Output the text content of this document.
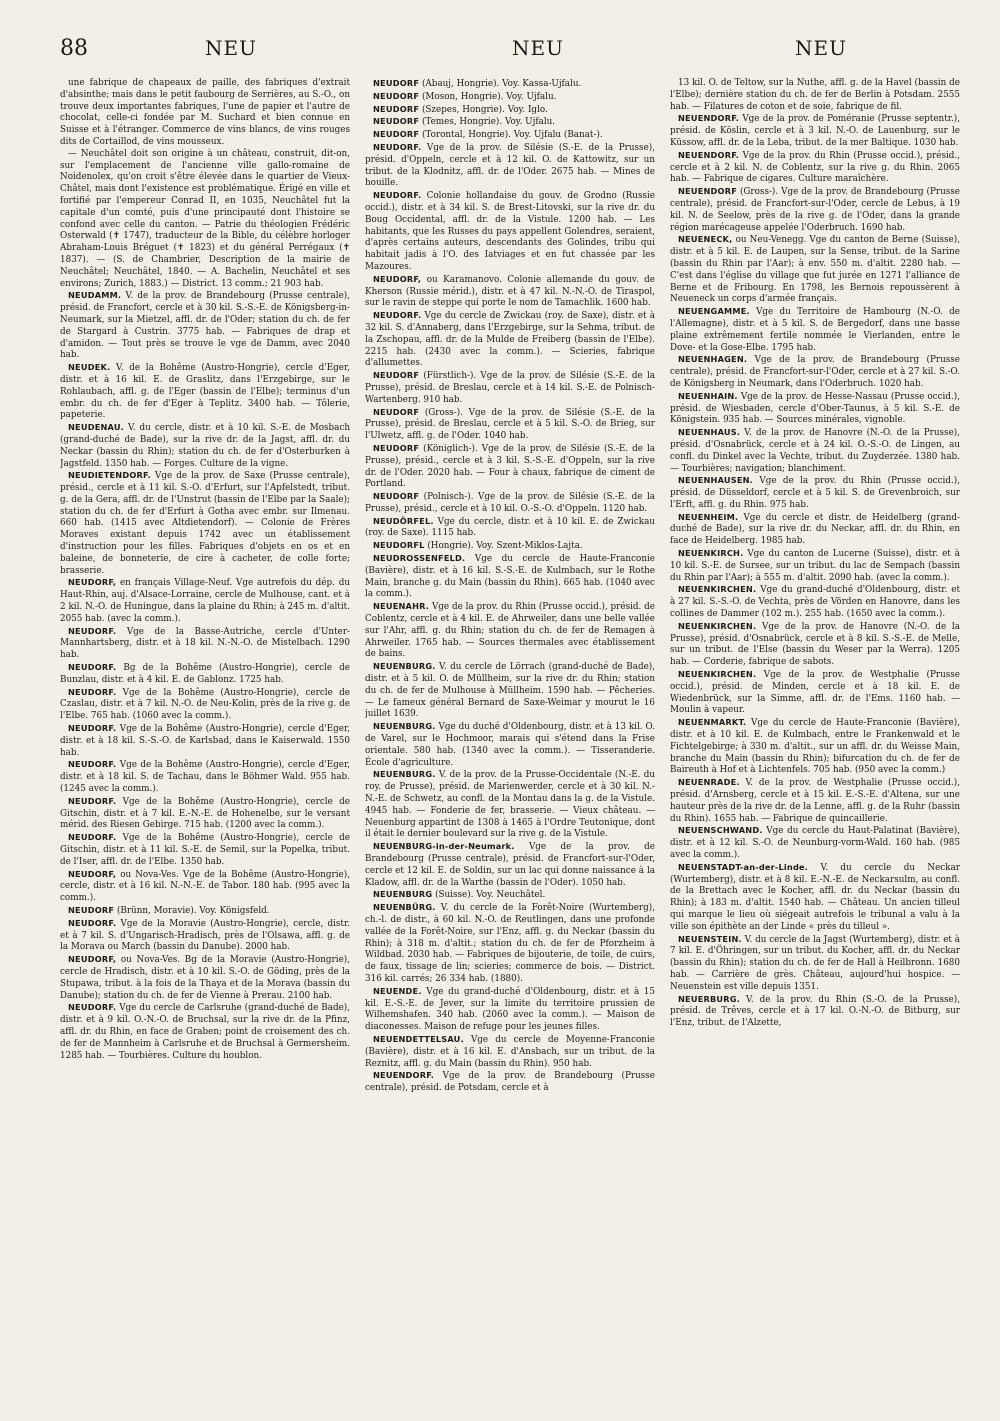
88	NEU	NEU	NEU
une fabrique de chapeaux de paille, des fabriques d'extrait d'absinthe; mais dans le petit faubourg de Serrières, au S.-O., on trouve deux importantes fabriques, l'une de papier et l'autre de chocolat, celle-ci fondée par M. Suchard et bien connue en Suisse et à l'étranger. Commerce de vins blancs, de vins rouges dits de Cortaillod, de vins mousseux.
— Neuchâtel doit son origine à un château, construit, dit-on, sur l'emplacement de l'ancienne ville gallo-romaine de Noidenolex, qu'on croit s'être élevée dans le quartier de Vieux-Châtel, mais dont l'existence est problématique. Érigé en ville et fortifié par l'empereur Conrad II, en 1035, Neuchâtel fut la capitale d'un comté, puis d'une principauté dont l'histoire se confond avec celle du canton. — Patrie du théologien Frédéric Osterwald (✝ 1747), traducteur de la Bible, du célèbre horloger Abraham-Louis Bréguet (✝ 1823) et du général Perrégaux (✝ 1837). — (S. de Chambrier, Description de la mairie de Neuchâtel; Neuchâtel, 1840. — A. Bachelin, Neuchâtel et ses environs; Zurich, 1883.) — District. 13 comm.; 21 903 hab.
NEUDAMM. V. de la prov. de Brandebourg (Prusse centrale), présid. de Francfort, cercle et à 30 kil. S.-S.-E. de Königsberg-in-Neumark, sur la Mietzel, affl. dr. de l'Oder; station du ch. de fer de Stargard à Custrin. 3775 hab. — Fabriques de drap et d'amidon. — Tout près se trouve le vge de Damm, avec 2040 hab.
NEUDEK. V. de la Bohême (Austro-Hongrie), cercle d'Eger, distr. et à 16 kil. E. de Graslitz, dans l'Erzgebirge, sur le Rohlaubach, affl. g. de l'Eger (bassin de l'Elbe); terminus d'un embr. du ch. de fer d'Eger à Teplitz. 3400 hab. — Tôlerie, papeterie.
NEUDENAU. V. du cercle, distr. et à 10 kil. S.-E. de Mosbach (grand-duché de Bade), sur la rive dr. de la Jagst, affl. dr. du Neckar (bassin du Rhin); station du ch. de fer d'Osterburken à Jagstfeld. 1350 hab. — Forges. Culture de la vigne.
NEUDIETENDORF. Vge de la prov. de Saxe (Prusse centrale), présid., cercle et à 11 kil. S.-O. d'Erfurt, sur l'Apfelstedt, tribut. g. de la Gera, affl. dr. de l'Unstrut (bassin de l'Elbe par la Saale); station du ch. de fer d'Erfurt à Gotha avec embr. sur Ilmenau. 660 hab. (1415 avec Altdietendorf). — Colonie de Frères Moraves existant depuis 1742 avec un établissement d'instruction pour les filles. Fabriques d'objets en os et en baleine, de bonneterie, de cire à cacheter, de colle forte; brasserie.
NEUDORF, en français Village-Neuf. Vge autrefois du dép. du Haut-Rhin, auj. d'Alsace-Lorraine, cercle de Mulhouse, cant. et à 2 kil. N.-O. de Huningue, dans la plaine du Rhin; à 245 m. d'altit. 2055 hab. (avec la comm.).
NEUDORF. Vge de la Basse-Autriche, cercle d'Unter-Mannhartsberg, distr. et à 18 kil. N.-N.-O. de Mistelbach. 1290 hab.
NEUDORF. Bg de la Bohême (Austro-Hongrie), cercle de Bunzlau, distr. et à 4 kil. E. de Gablonz. 1725 hab.
NEUDORF. Vge de la Bohême (Austro-Hongrie), cercle de Czaslau, distr. et à 7 kil. N.-O. de Neu-Kolin, près de la rive g. de l'Elbe. 765 hab. (1060 avec la comm.).
NEUDORF. Vge de la Bohême (Austro-Hongrie), cercle d'Eger, distr. et à 18 kil. S.-S.-O. de Karlsbad, dans le Kaiserwald. 1550 hab.
NEUDORF. Vge de la Bohême (Austro-Hongrie), cercle d'Eger, distr. et à 18 kil. S. de Tachau, dans le Böhmer Wald. 955 hab. (1245 avec la comm.).
NEUDORF. Vge de la Bohême (Austro-Hongrie), cercle de Gitschin, distr. et à 7 kil. E.-N.-E. de Hohenelbe, sur le versant mérid. des Riesen Gebirge. 715 hab. (1200 avec la comm.).
NEUDORF. Vge de la Bohême (Austro-Hongrie), cercle de Gitschin, distr. et à 11 kil. S.-E. de Semil, sur la Popelka, tribut. de l'Iser, affl. dr. de l'Elbe. 1350 hab.
NEUDORF, ou Nova-Ves. Vge de la Bohême (Austro-Hongrie), cercle, distr. et à 16 kil. N.-N.-E. de Tabor. 180 hab. (995 avec la comm.).
NEUDORF (Brünn, Moravie). Voy. Königsfeld.
NEUDORF. Vge de la Moravie (Austro-Hongrie), cercle, distr. et à 7 kil. S. d'Ungarisch-Hradisch, près de l'Olsawa, affl. g. de la Morava ou March (bassin du Danube). 2000 hab.
NEUDORF, ou Nova-Ves. Bg de la Moravie (Austro-Hongrie), cercle de Hradisch, distr. et à 10 kil. S.-O. de Göding, près de la Stupawa, tribut. à la fois de la Thaya et de la Morava (bassin du Danube); station du ch. de fer de Vienne à Prerau. 2100 hab.
NEUDORF. Vge du cercle de Carlsruhe (grand-duché de Bade), distr. et à 9 kil. O.-N.-O. de Bruchsal, sur la rive dr. de la Pfinz, affl. dr. du Rhin, en face de Graben; point de croisement des ch. de fer de Mannheim à Carlsruhe et de Bruchsal à Germersheim. 1285 hab. — Tourbières. Culture du houblon.
NEUDORF (Abauj, Hongrie). Voy. Kassa-Ujfalu.
NEUDORF (Moson, Hongrie). Voy. Ujfalu.
NEUDORF (Szepes, Hongrie). Voy. Iglo.
NEUDORF (Temes, Hongrie). Voy. Ujfalu.
NEUDORF (Torontal, Hongrie). Voy. Ujfalu (Banat-).
NEUDORF. Vge de la prov. de Silésie (S.-E. de la Prusse), présid. d'Oppeln, cercle et à 12 kil. O. de Kattowitz, sur un tribut. de la Klodnitz, affl. dr. de l'Oder. 2675 hab. — Mines de houille.
NEUDORF. Colonie hollandaise du gouv. de Grodno (Russie occid.), distr. et à 34 kil. S. de Brest-Litovski, sur la rive dr. du Boug Occidental, affl. dr. de la Vistule. 1200 hab. — Les habitants, que les Russes du pays appellent Golendres, seraient, d'après certains auteurs, descendants des Golindes, tribu qui habitait jadis à l'O. des Iatviages et en fut chassée par les Mazoures.
NEUDORF, ou Karamanovo. Colonie allemande du gouv. de Kherson (Russie mérid.), distr. et à 47 kil. N.-N.-O. de Tiraspol, sur le ravin de steppe qui porte le nom de Tamachlik. 1600 hab.
NEUDORF. Vge du cercle de Zwickau (roy. de Saxe), distr. et à 32 kil. S. d'Annaberg, dans l'Erzgebirge, sur la Sehma, tribut. de la Zschopau, affl. dr. de la Mulde de Freiberg (bassin de l'Elbe). 2215 hab. (2430 avec la comm.). — Scieries, fabrique d'allumettes.
NEUDORF (Fürstlich-). Vge de la prov. de Silésie (S.-E. de la Prusse), présid. de Breslau, cercle et à 14 kil. S.-E. de Polnisch-Wartenberg. 910 hab.
NEUDORF (Gross-). Vge de la prov. de Silésie (S.-E. de la Prusse), présid. de Breslau, cercle et à 5 kil. S.-O. de Brieg, sur l'Ulwetz, affl. g. de l'Oder. 1040 hab.
NEUDORF (Königlich-). Vge de la prov. de Silésie (S.-E. de la Prusse), présid., cercle et à 3 kil. S.-S.-E. d'Oppeln, sur la rive dr. de l'Oder. 2020 hab. — Four à chaux, fabrique de ciment de Portland.
NEUDORF (Polnisch-). Vge de la prov. de Silésie (S.-E. de la Prusse), présid., cercle et à 10 kil. O.-S.-O. d'Oppeln. 1120 hab.
NEUDÖRFEL. Vge du cercle, distr. et à 10 kil. E. de Zwickau (roy. de Saxe). 1115 hab.
NEUDORFL (Hongrie). Voy. Szent-Miklos-Lajta.
NEUDROSSENFELD. Vge du cercle de Haute-Franconie (Bavière), distr. et à 16 kil. S.-S.-E. de Kulmbach, sur le Rothe Main, branche g. du Main (bassin du Rhin). 665 hab. (1040 avec la comm.).
NEUENAHR. Vge de la prov. du Rhin (Prusse occid.), présid. de Coblentz, cercle et à 4 kil. E. de Ahrweiler, dans une belle vallée sur l'Ahr, affl. g. du Rhin; station du ch. de fer de Remagen à Ahrweiler. 1765 hab. — Sources thermales avec établissement de bains.
NEUENBURG. V. du cercle de Lörrach (grand-duché de Bade), distr. et à 5 kil. O. de Müllheim, sur la rive dr. du Rhin; station du ch. de fer de Mulhouse à Müllheim. 1590 hab. — Pêcheries. — Le fameux général Bernard de Saxe-Weimar y mourut le 16 juillet 1639.
NEUENBURG. Vge du duché d'Oldenbourg, distr. et à 13 kil. O. de Varel, sur le Hochmoor, marais qui s'étend dans la Frise orientale. 580 hab. (1340 avec la comm.). — Tisseranderie. École d'agriculture.
NEUENBURG. V. de la prov. de la Prusse-Occidentale (N.-E. du roy. de Prusse), présid. de Marienwerder, cercle et à 30 kil. N.-N.-E. de Schwetz, au confl. de la Montau dans la g. de la Vistule. 4945 hab. — Fonderie de fer, brasserie. — Vieux château. — Neuenburg appartint de 1308 à 1465 à l'Ordre Teutonique, dont il était le dernier boulevard sur la rive g. de la Vistule.
NEUENBURG-in-der-Neumark. Vge de la prov. de Brandebourg (Prusse centrale), présid. de Francfort-sur-l'Oder, cercle et 12 kil. E. de Soldin, sur un lac qui donne naissance à la Kladow, affl. dr. de la Warthe (bassin de l'Oder). 1050 hab.
NEUENBURG (Suisse). Voy. Neuchâtel.
NEUENBÜRG. V. du cercle de la Forêt-Noire (Wurtemberg), ch.-l. de distr., à 60 kil. N.-O. de Reutlingen, dans une profonde vallée de la Forêt-Noire, sur l'Enz, affl. g. du Neckar (bassin du Rhin); à 318 m. d'altit.; station du ch. de fer de Pforzheim à Wildbad. 2030 hab. — Fabriques de bijouterie, de toile, de cuirs, de faux, tissage de lin; scieries; commerce de bois. — District. 316 kil. carrés; 26 334 hab. (1880).
NEUENDE. Vge du grand-duché d'Oldenbourg, distr. et à 15 kil. E.-S.-E. de Jever, sur la limite du territoire prussien de Wilhemshafen. 340 hab. (2060 avec la comm.). — Maison de diaconesses. Maison de refuge pour les jeunes filles.
NEUENDETTELSAU. Vge du cercle de Moyenne-Franconie (Bavière), distr. et à 16 kil. E. d'Ansbach, sur un tribut. de la Reznitz, affl. g. du Main (bassin du Rhin). 950 hab.
NEUENDORF. Vge de la prov. de Brandebourg (Prusse centrale), présid. de Potsdam, cercle et à
13 kil. O. de Teltow, sur la Nuthe, affl. g. de la Havel (bassin de l'Elbe); dernière station du ch. de fer de Berlin à Potsdam. 2555 hab. — Filatures de coton et de soie, fabrique de fil.
NEUENDORF. Vge de la prov. de Poméranie (Prusse septentr.), présid. de Köslin, cercle et à 3 kil. N.-O. de Lauenburg, sur le Küssow, affl. dr. de la Leba, tribut. de la mer Baltique. 1030 hab.
NEUENDORF. Vge de la prov. du Rhin (Prusse occid.), présid., cercle et à 2 kil. N. de Coblentz, sur la rive g. du Rhin. 2065 hab. — Fabrique de cigares. Culture maraîchère.
NEUENDORF (Gross-). Vge de la prov. de Brandebourg (Prusse centrale), présid. de Francfort-sur-l'Oder, cercle de Lebus, à 19 kil. N. de Seelow, près de la rive g. de l'Oder, dans la grande région marécageuse appelée l'Oderbruch. 1690 hab.
NEUENECK, ou Neu-Venegg. Vge du canton de Berne (Suisse), distr. et à 5 kil. E. de Laupen, sur la Sense, tribut. de la Sarine (bassin du Rhin par l'Aar); à env. 550 m. d'altit. 2280 hab. — C'est dans l'église du village que fut jurée en 1271 l'alliance de Berne et de Fribourg. En 1798, les Bernois repoussèrent à Neueneck un corps d'armée français.
NEUENGAMME. Vge du Territoire de Hambourg (N.-O. de l'Allemagne), distr. et à 5 kil. S. de Bergedorf, dans une basse plaine extrêmement fertile nommée le Vierlanden, entre le Dove- et la Gose-Elbe. 1795 hab.
NEUENHAGEN. Vge de la prov. de Brandebourg (Prusse centrale), présid. de Francfort-sur-l'Oder, cercle et à 27 kil. S.-O. de Königsberg in Neumark, dans l'Oderbruch. 1020 hab.
NEUENHAIN. Vge de la prov. de Hesse-Nassau (Prusse occid.), présid. de Wiesbaden, cercle d'Ober-Taunus, à 5 kil. S.-E. de Königstein. 935 hab. — Sources minérales, vignoble.
NEUENHAUS. V. de la prov. de Hanovre (N.-O. de la Prusse), présid. d'Osnabrück, cercle et à 24 kil. O.-S.-O. de Lingen, au confl. du Dinkel avec la Vechte, tribut. du Zuyderzée. 1380 hab. — Tourbières; navigation; blanchiment.
NEUENHAUSEN. Vge de la prov. du Rhin (Prusse occid.), présid. de Düsseldorf, cercle et à 5 kil. S. de Grevenbroich, sur l'Erft, affl. g. du Rhin. 975 hab.
NEUENHEIM. Vge du cercle et distr. de Heidelberg (grand-duché de Bade), sur la rive dr. du Neckar, affl. dr. du Rhin, en face de Heidelberg. 1985 hab.
NEUENKIRCH. Vge du canton de Lucerne (Suisse), distr. et à 10 kil. S.-E. de Sursee, sur un tribut. du lac de Sempach (bassin du Rhin par l'Aar); à 555 m. d'altit. 2090 hab. (avec la comm.).
NEUENKIRCHEN. Vge du grand-duché d'Oldenbourg, distr. et à 27 kil. S.-S.-O. de Vechta, près de Vörden en Hanovre, dans les collines de Dammer (102 m.). 255 hab. (1650 avec la comm.).
NEUENKIRCHEN. Vge de la prov. de Hanovre (N.-O. de la Prusse), présid. d'Osnabrück, cercle et à 8 kil. S.-S.-E. de Melle, sur un tribut. de l'Else (bassin du Weser par la Werra). 1205 hab. — Corderie, fabrique de sabots.
NEUENKIRCHEN. Vge de la prov. de Westphalie (Prusse occid.), présid. de Minden, cercle et à 18 kil. E. de Wiedenbrück, sur la Simme, affl. dr. de l'Ems. 1160 hab. — Moulin à vapeur.
NEUENMARKT. Vge du cercle de Haute-Franconie (Bavière), distr. et à 10 kil. E. de Kulmbach, entre le Frankenwald et le Fichtelgebirge; à 330 m. d'altit., sur un affl. dr. du Weisse Main, branche du Main (bassin du Rhin); bifurcation du ch. de fer de Baireuth à Hof et à Lichtenfels. 705 hab. (950 avec la comm.)
NEUENRADE. V. de la prov. de Westphalie (Prusse occid.), présid. d'Arnsberg, cercle et à 15 kil. E.-S.-E. d'Altena, sur une hauteur près de la rive dr. de la Lenne, affl. g. de la Ruhr (bassin du Rhin). 1655 hab. — Fabrique de quincaillerie.
NEUENSCHWAND. Vge du cercle du Haut-Palatinat (Bavière), distr. et à 12 kil. S.-O. de Neunburg-vorm-Wald. 160 hab. (985 avec la comm.).
NEUENSTADT-an-der-Linde. V. du cercle du Neckar (Wurtemberg), distr. et à 8 kil. E.-N.-E. de Neckarsulm, au confl. de la Brettach avec le Kocher, affl. dr. du Neckar (bassin du Rhin); à 183 m. d'altit. 1540 hab. — Château. Un ancien tilleul qui marque le lieu où siégeait autrefois le tribunal a valu à la ville son épithète an der Linde « près du tilleul ».
NEUENSTEIN. V. du cercle de la Jagst (Wurtemberg), distr. et à 7 kil. E. d'Öhringen, sur un tribut. du Kocher, affl. dr. du Neckar (bassin du Rhin); station du ch. de fer de Hall à Heilbronn. 1680 hab. — Carrière de grès. Château, aujourd'hui hospice. — Neuenstein est ville depuis 1351.
NEUERBURG. V. de la prov. du Rhin (S.-O. de la Prusse), présid. de Trêves, cercle et à 17 kil. O.-N.-O. de Bitburg, sur l'Enz, tribut. de l'Alzette,
